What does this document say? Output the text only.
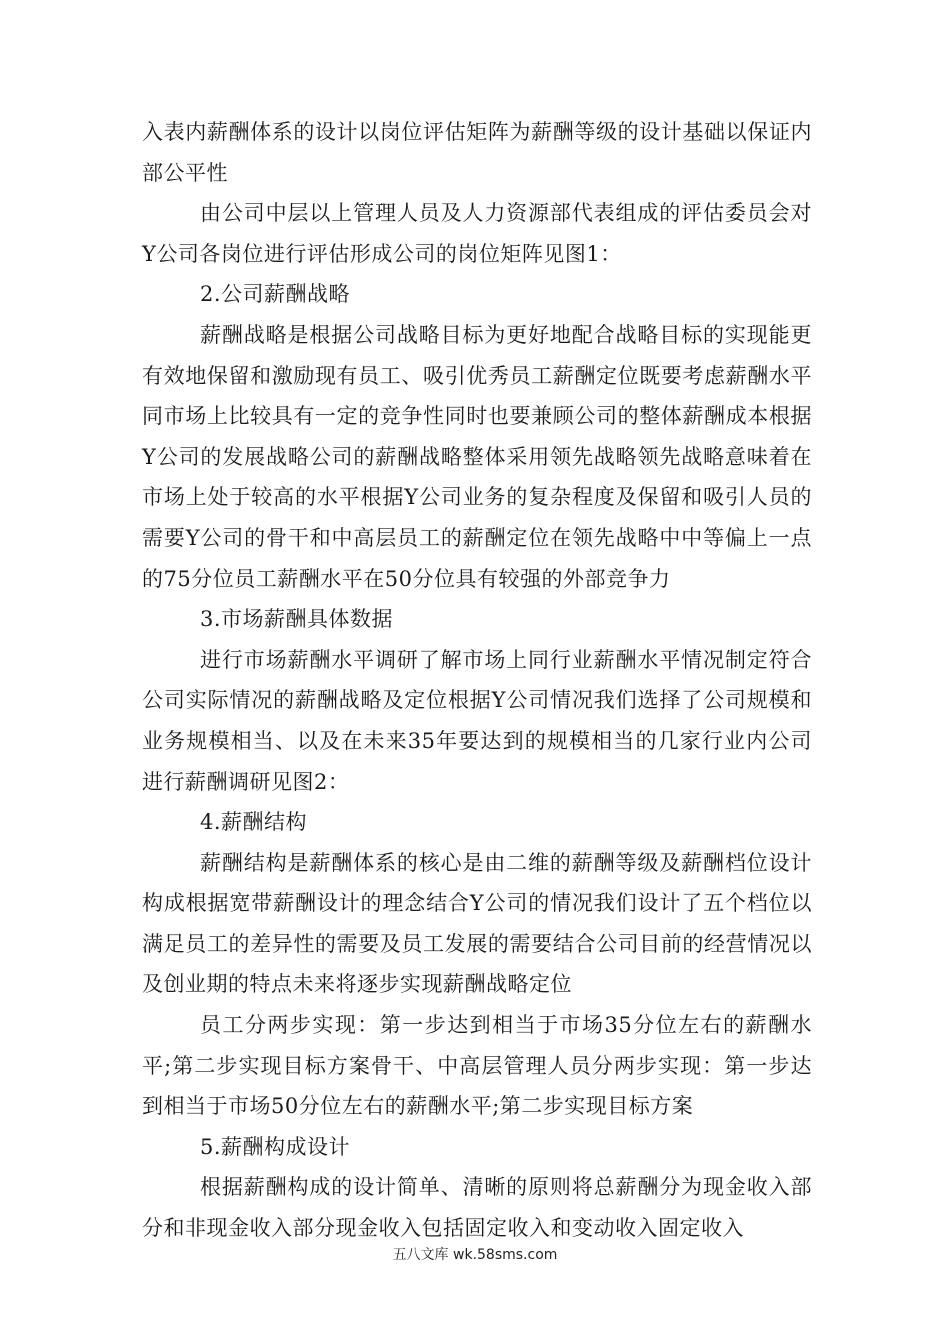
入表内薪酬体系的设计以岗位评估矩阵为薪酬等级的设计基础以保证内部公平性

由公司中层以上管理人员及人力资源部代表组成的评估委员会对Y公司各岗位进行评估形成公司的岗位矩阵见图1：

2.公司薪酬战略

薪酬战略是根据公司战略目标为更好地配合战略目标的实现能更有效地保留和激励现有员工、吸引优秀员工薪酬定位既要考虑薪酬水平同市场上比较具有一定的竞争性同时也要兼顾公司的整体薪酬成本根据Y公司的发展战略公司的薪酬战略整体采用领先战略领先战略意味着在市场上处于较高的水平根据Y公司业务的复杂程度及保留和吸引人员的需要Y公司的骨干和中高层员工的薪酬定位在领先战略中中等偏上一点的75分位员工薪酬水平在50分位具有较强的外部竞争力

3.市场薪酬具体数据

进行市场薪酬水平调研了解市场上同行业薪酬水平情况制定符合公司实际情况的薪酬战略及定位根据Y公司情况我们选择了公司规模和业务规模相当、以及在未来35年要达到的规模相当的几家行业内公司进行薪酬调研见图2：

4.薪酬结构

薪酬结构是薪酬体系的核心是由二维的薪酬等级及薪酬档位设计构成根据宽带薪酬设计的理念结合Y公司的情况我们设计了五个档位以满足员工的差异性的需要及员工发展的需要结合公司目前的经营情况以及创业期的特点未来将逐步实现薪酬战略定位

员工分两步实现：第一步达到相当于市场35分位左右的薪酬水平;第二步实现目标方案骨干、中高层管理人员分两步实现：第一步达到相当于市场50分位左右的薪酬水平;第二步实现目标方案

5.薪酬构成设计

根据薪酬构成的设计简单、清晰的原则将总薪酬分为现金收入部分和非现金收入部分现金收入包括固定收入和变动收入固定收入

五八文库 wk.58sms.com
